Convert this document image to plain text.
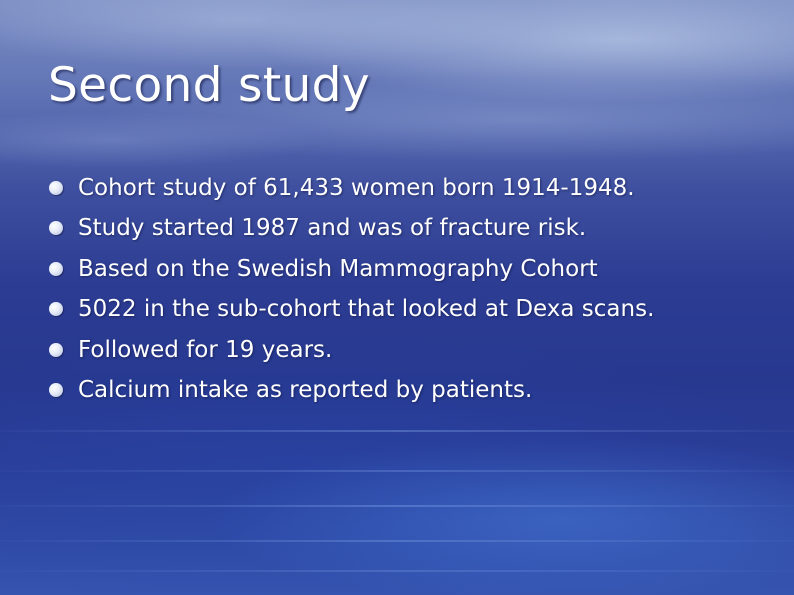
Second study
Cohort study of 61,433 women born 1914-1948.
Study started 1987 and was of fracture risk.
Based on the Swedish Mammography Cohort
5022 in the sub-cohort that looked at Dexa scans.
Followed for 19 years.
Calcium intake as reported by patients.
